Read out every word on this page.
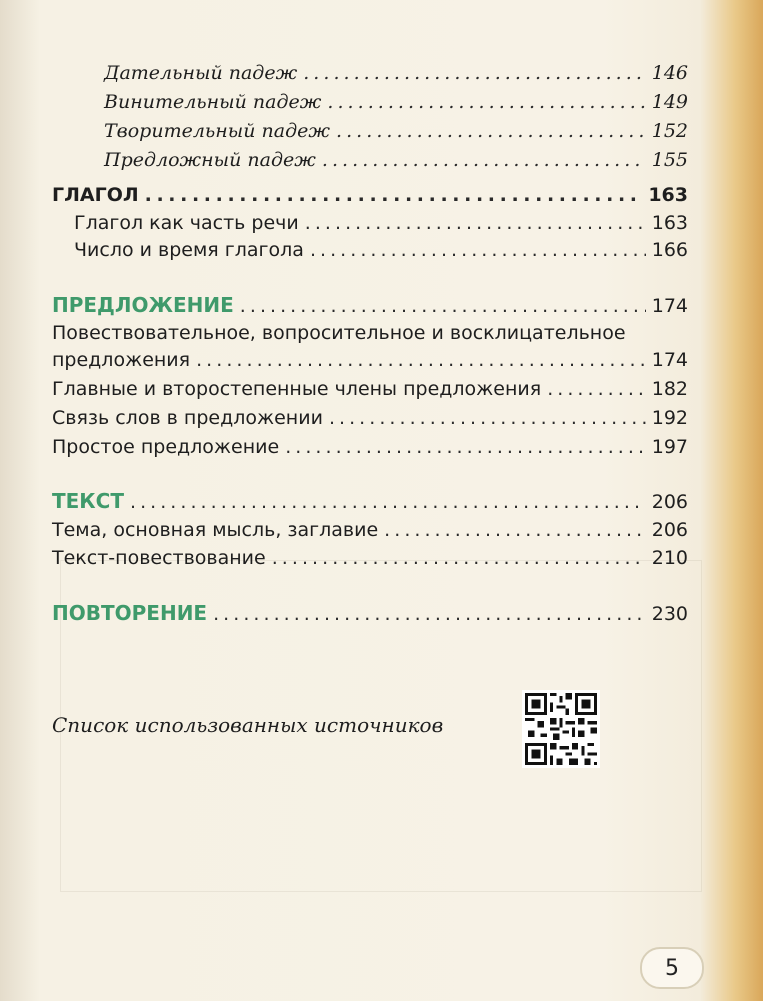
Дательный падеж . . .	146
Винительный падеж . . .	149
Творительный падеж . . .	152
Предложный падеж . . .	155
ГЛАГОЛ . . .	163
Глагол как часть речи . . .	163
Число и время глагола . . .	166
ПРЕДЛОЖЕНИЕ . . .	174
Повествовательное, вопросительное и восклицательное
предложения . . .	174
Главные и второстепенные члены предложения . . .	182
Связь слов в предложении . . .	192
Простое предложение . . .	197
ТЕКСТ . . .	206
Тема, основная мысль, заглавие . . .	206
Текст-повествование . . .	210
ПОВТОРЕНИЕ . . .	230
Список использованных источников
5
